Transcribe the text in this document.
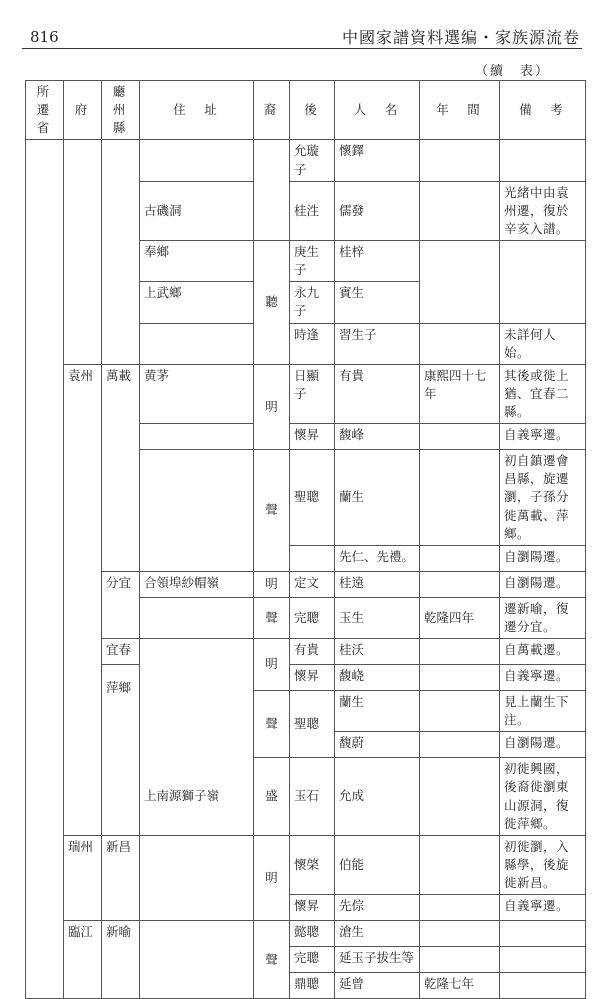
816	中國家譜資料選编・家族源流卷
（續　表）
所遷省	府	廳州縣	住　址	裔	後	人　名	年　間	備　考
					允璇子	懷鐸		
			古磯洞		桂泩	儒發		光緒中由袁州遷，復於辛亥入譜。
			奉鄉	聽	庚生子	桂梓		
			上武鄉		永九子	賓生		
					時逢	習生子		未詳何人始。
	袁州	萬載	黄茅	明	日顯子	有貴	康熙四十七年	其後或徙上猶、宜春二縣。
					懷昇	馥峰		自義寧遷。
				聲	聖聰	蘭生		初自鎮遷會昌縣，旋遷瀏，子孫分徙萬載、萍鄉。
						先仁、先禮。		自瀏陽遷。
		分宜	合領埠紗帽嶺	明	定文	桂遠		自瀏陽遷。
				聲	完聰	玉生	乾隆四年	遷新喻，復遷分宜。
		宜春	上南源獅子嶺	明	有貴	桂沃		自萬載遷。

		萍鄉			懷昇	馥峣		自義寧遷。
				聲	聖聰	蘭生		見上蘭生下注。
						馥蔚		自瀏陽遷。
				盛	玉石	允成		初徙興國，後裔徙瀏東山源洞，復徙萍鄉。
	瑞州	新昌		明	懷棨	伯能		初徙瀏，入縣學，後旋徙新昌。
					懷昇	先倧		自義寧遷。
	臨江	新喻		聲	懿聰	滄生		
					完聰	延玉子拔生等		
					鼎聰	延曾	乾隆七年	
